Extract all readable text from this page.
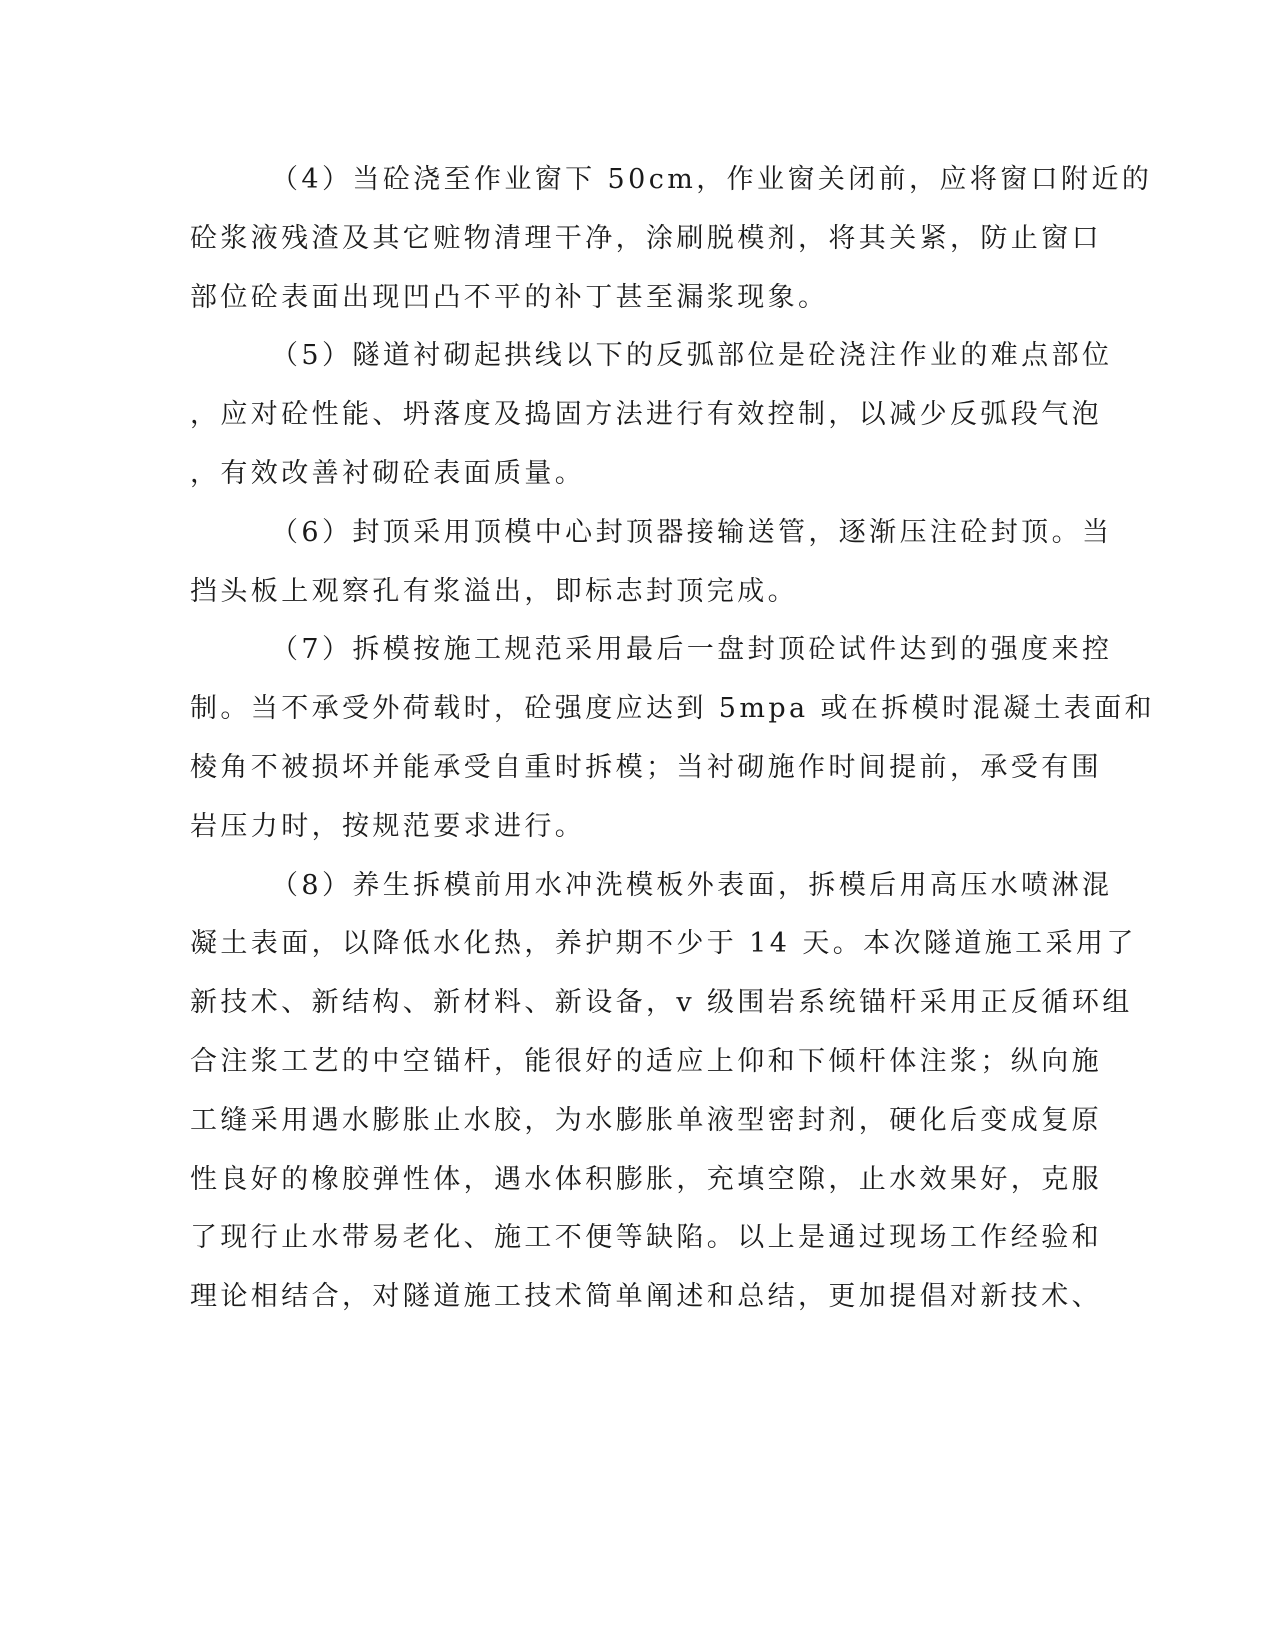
（4）当砼浇至作业窗下 50cm，作业窗关闭前，应将窗口附近的
砼浆液残渣及其它赃物清理干净，涂刷脱模剂，将其关紧，防止窗口
部位砼表面出现凹凸不平的补丁甚至漏浆现象。
（5）隧道衬砌起拱线以下的反弧部位是砼浇注作业的难点部位
，应对砼性能、坍落度及捣固方法进行有效控制，以减少反弧段气泡
，有效改善衬砌砼表面质量。
（6）封顶采用顶模中心封顶器接输送管，逐渐压注砼封顶。当
挡头板上观察孔有浆溢出，即标志封顶完成。
（7）拆模按施工规范采用最后一盘封顶砼试件达到的强度来控
制。当不承受外荷载时，砼强度应达到 5mpa 或在拆模时混凝土表面和
棱角不被损坏并能承受自重时拆模；当衬砌施作时间提前，承受有围
岩压力时，按规范要求进行。
（8）养生拆模前用水冲洗模板外表面，拆模后用高压水喷淋混
凝土表面，以降低水化热，养护期不少于 14 天。本次隧道施工采用了
新技术、新结构、新材料、新设备，v 级围岩系统锚杆采用正反循环组
合注浆工艺的中空锚杆，能很好的适应上仰和下倾杆体注浆；纵向施
工缝采用遇水膨胀止水胶，为水膨胀单液型密封剂，硬化后变成复原
性良好的橡胶弹性体，遇水体积膨胀，充填空隙，止水效果好，克服
了现行止水带易老化、施工不便等缺陷。以上是通过现场工作经验和
理论相结合，对隧道施工技术简单阐述和总结，更加提倡对新技术、
